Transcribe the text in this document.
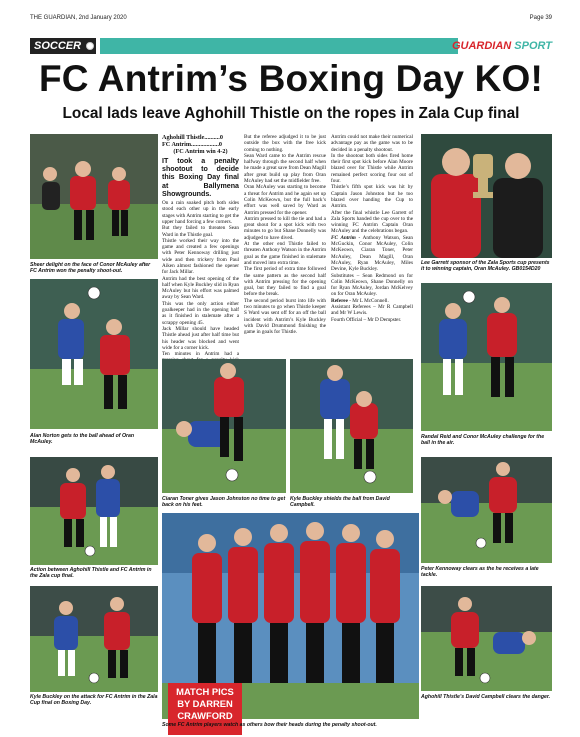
THE GUARDIAN, 2nd January 2020	Page 39
SOCCER	GUARDIAN SPORT
FC Antrim’s Boxing Day KO!
Local lads leave Aghohill Thistle on the ropes in Zala Cup final
Sheer delight on the face of Conor McAuley after FC Antrim won the penalty shoot-out.
Alan Norton gets to the ball ahead of Oran McAuley.
Action between Aghohill Thistle and FC Antrim in the Zala cup final.
Kyle Buckley on the attack for FC Antrim in the Zala Cup final on Boxing Day.

Aghohill Thistle..........0

FC Antrim..................0

(FC Antrim win 4-2)

IT took a penalty shootout to decide this Boxing Day final at Ballymena Showgrounds.

On a rain soaked pitch both sides stood each other up in the early stages with Antrim starting to get the upper hand forcing a few corners.

But they failed to threaten Sean Ward in the Thistle goal.

Thistle worked their way into the game and created a few openings with Peter Kennoway drilling just wide and then trickery from Paul Aiken almost fashioned the opener for Jack Millar.

Antrim had the best opening of the half when Kyle Buckley slid in Ryan McAuley but his effort was palmed away by Sean Ward.

This was the only action either goalkeeper had in the opening half as it finished in stalemate after a scrappy opening 45.

Jack Millar should have headed Thistle ahead just after half time but his header was blocked and went wide for a corner kick.

Ten minutes in Antrim had a

But the referee adjudged it to be just outside the box with the free kick coming to nothing.

Sean Ward came to the Antrim rescue halfway through the second half when he made a great save from Dean Magill after great build up play from Oran McAuley had set the midfielder free.

Oran McAuley was starting to become a threat for Antrim and he again set up Colin McKeown, but the full back’s effort was well saved by Ward as Antrim pressed for the opener.

Antrim pressed to kill the tie and had a great shout for a spot kick with two minutes to go but Shane Donnelly was adjudged to have dived.

At the other end Thistle failed to threaten Anthony Watson in the Antrim goal as the game finished in stalemate and moved into extra time.

The first period of extra time followed the same pattern as the second half with Antrim pressing for the opening goal, but they failed to find a goal before the break.

The second period burst into life with two minutes to go when Thistle keeper S Ward was sent off for an off the ball incident with Antrim’s Kyle Buckley with David Drummond finishing the game in goals for Thistle.

Antrim could not make their numerical advantage pay as the game was to be decided in a penalty shootout.

In the shootout both sides fired home their first spot kick before Alan Moore blazed over for Thistle while Antrim remained perfect scoring four out of four.

Thistle’s fifth spot kick was hit by Captain Jason Johnston but he too blazed over handing the Cup to Antrim.

After the final whistle Lee Garrett of Zala Sports handed the cup over to the winning FC Antrim Captain Oran McAuley and the celebrations began.

FC Antrim - Anthony Watson, Sean McGuckin, Conor McAuley, Colin McKeown, Ciaran Toner, Peter McAuley, Dean Magill, Oran McAuley, Ryan McAuley, Miles Devine, Kyle Buckley.

Substitutes – Sean Redmond on for Colin McKeown, Shane Donnelly on for Ryan McAuley, Jordan McKelvey on for Oran McAuley.

Referee - Mr L McConnell.

Assistant Referees – Mr R Campbell and Mr W Lewis.

Fourth Official – Mr D Dempster.

Ciaran Toner gives Jason Johnston no time to get back on his feet.
Kyle Buckley shields the ball from David Campbell.
MATCH PICS
BY DARREN
CRAWFORD
Some FC Antrim players watch as others bow their heads during the penalty shoot-out.
Lee Garrett sponsor of the Zala Sports cup presents it to winning captain, Oran McAuley. GB0154D20
Randal Reid and Conor McAuley challenge for the ball in the air.
Peter Kennoway clears as the he receives a late tackle.
Aghohill Thistle’s David Campbell clears the danger.
